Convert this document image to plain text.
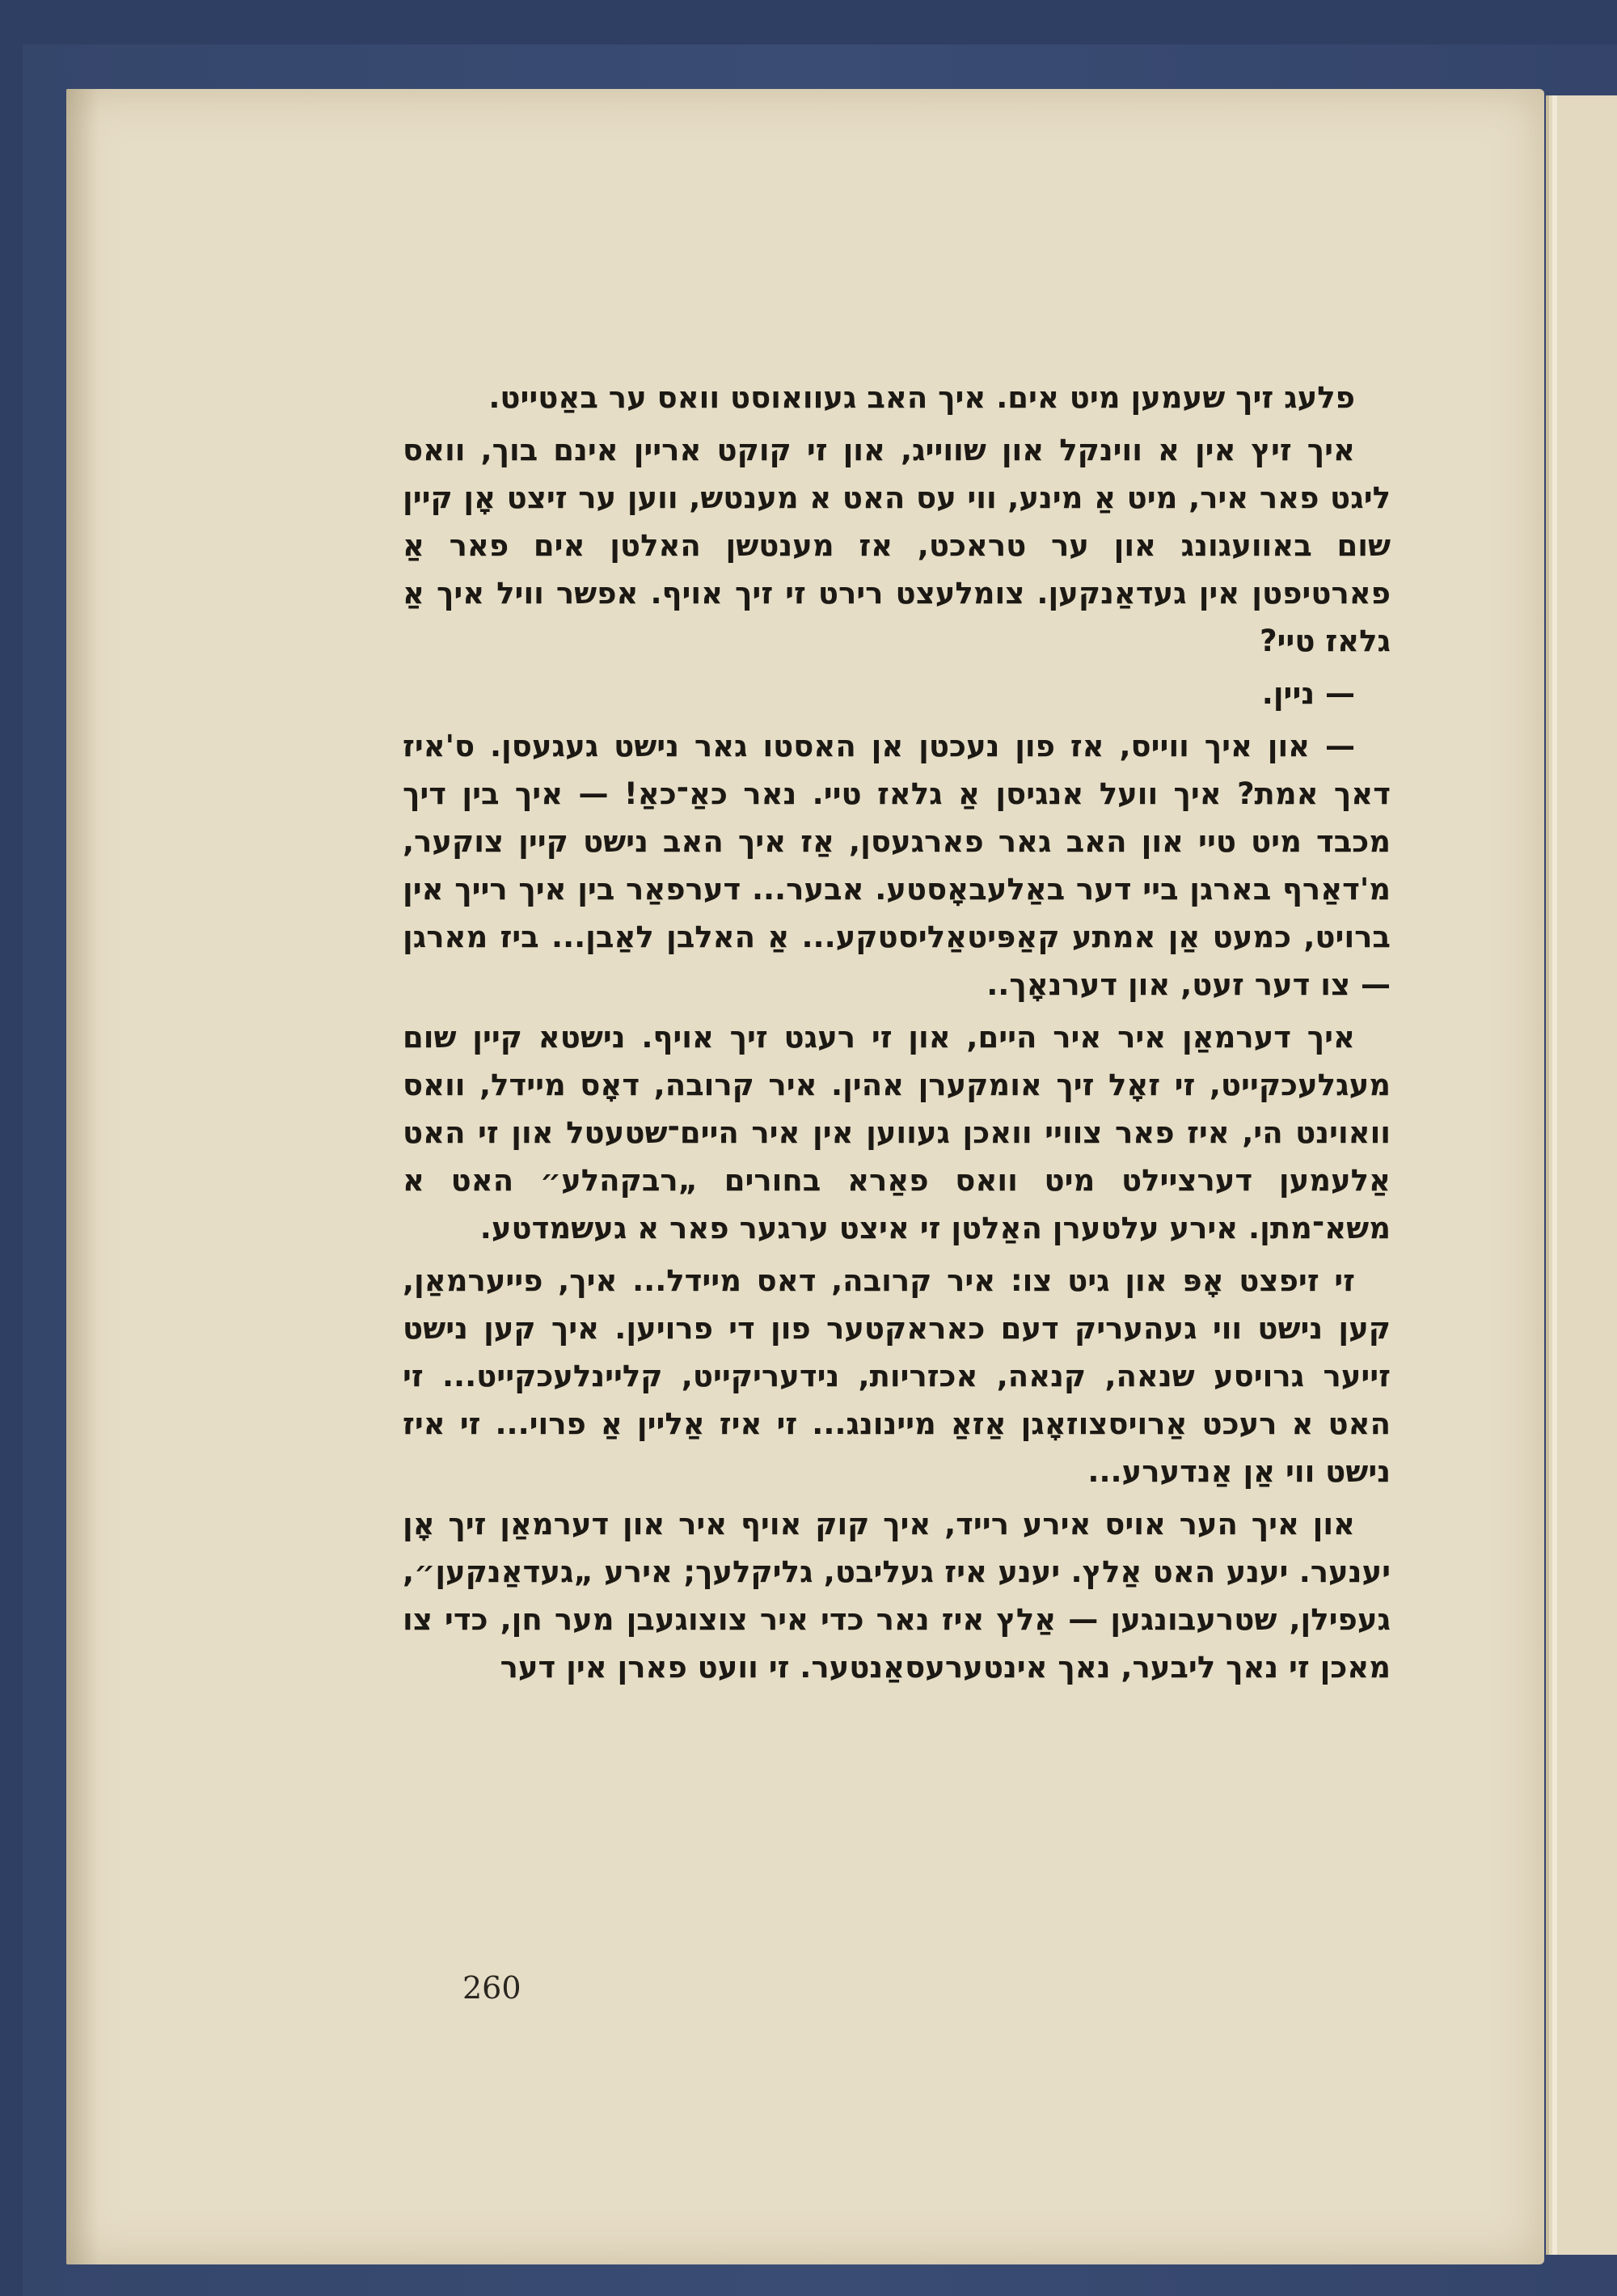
פלעג זיך שעמען מיט אים. איך האב געוואוסט וואס ער באַטייט.

איך זיץ אין א ווינקל און שווייג, און זי קוקט אריין אינם בוך, וואס ליגט פאר איר, מיט אַ מינע, ווי עס האט א מענטש, ווען ער זיצט אָן קיין שום באוועגונג און ער טראכט, אז מענטשן האלטן אים פאר אַ פארטיפטן אין געדאַנקען. צומלעצט רירט זי זיך אויף. אפשר וויל איך אַ גלאז טיי?

— ניין.

— און איך ווייס, אז פון נעכטן אן האסטו גאר נישט געגעסן. ס'איז דאך אמת? איך וועל אנגיסן אַ גלאז טיי. נאר כאַ־כאַ! — איך בין דיך מכבד מיט טיי און האב גאר פארגעסן, אַז איך האב נישט קיין צוקער, מ'דאַרף בארגן ביי דער באַלעבאָסטע. אבער... דערפאַר בין איך רייך אין ברויט, כמעט אַן אמתע קאַפּיטאַליסטקע... אַ האלבן לאַבן... ביז מארגן — צו דער זעט, און דערנאָך..

איך דערמאַן איר איר היים, און זי רעגט זיך אויף. נישטא קיין שום מעגלעכקייט, זי זאָל זיך אומקערן אהין. איר קרובה, דאָס מיידל, וואס וואוינט הי, איז פאר צוויי וואכן געווען אין איר היים־שטעטל און זי האט אַלעמען דערציילט מיט וואס פאַרא בחורים „רבקהלע״ האט א משא־מתן. אירע עלטערן האַלטן זי איצט ערגער פאר א געשמדטע.

זי זיפצט אָפּ און גיט צו: איר קרובה, דאס מיידל... איך, פייערמאַן, קען נישט ווי געהעריק דעם כאראקטער פון די פרויען. איך קען נישט זייער גרויסע שנאה, קנאה, אכזריות, נידעריקייט, קליינלעכקייט... זי האט א רעכט אַרויסצוזאָגן אַזאַ מיינונג... זי איז אַליין אַ פרוי... זי איז נישט ווי אַן אַנדערע...

און איך הער אויס אירע רייד, איך קוק אויף איר און דערמאַן זיך אָן יענער. יענע האט אַלץ. יענע איז געליבט, גליקלעך; אירע „געדאַנקען״, געפילן, שטרעבונגען — אַלץ איז נאר כדי איר צוצוגעבן מער חן, כדי צו מאכן זי נאך ליבער, נאך אינטערעסאַנטער. זי וועט פארן אין דער

260
